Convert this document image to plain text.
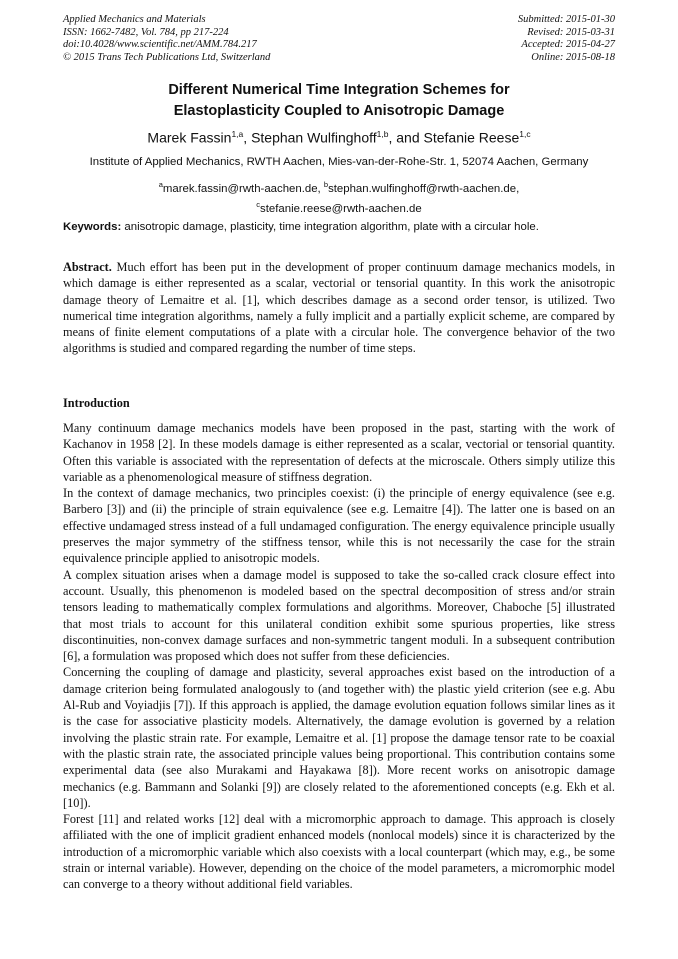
Applied Mechanics and Materials
ISSN: 1662-7482, Vol. 784, pp 217-224
doi:10.4028/www.scientific.net/AMM.784.217
© 2015 Trans Tech Publications Ltd, Switzerland
Submitted: 2015-01-30
Revised: 2015-03-31
Accepted: 2015-04-27
Online: 2015-08-18
Different Numerical Time Integration Schemes for
Elastoplasticity Coupled to Anisotropic Damage
Marek Fassin$^{1,a}$, Stephan Wulfinghoff$^{1,b}$, and Stefanie Reese$^{1,c}$
Institute of Applied Mechanics, RWTH Aachen, Mies-van-der-Rohe-Str. 1, 52074 Aachen, Germany
$^a$marek.fassin@rwth-aachen.de, $^b$stephan.wulfinghoff@rwth-aachen.de,
$^c$stefanie.reese@rwth-aachen.de
Keywords: anisotropic damage, plasticity, time integration algorithm, plate with a circular hole.
Abstract. Much effort has been put in the development of proper continuum damage mechanics models, in which damage is either represented as a scalar, vectorial or tensorial quantity. In this work the anisotropic damage theory of Lemaitre et al. [1], which describes damage as a second order tensor, is utilized. Two numerical time integration algorithms, namely a fully implicit and a partially explicit scheme, are compared by means of finite element computations of a plate with a circular hole. The convergence behavior of the two algorithms is studied and compared regarding the number of time steps.
Introduction

Many continuum damage mechanics models have been proposed in the past, starting with the work of Kachanov in 1958 [2]. In these models damage is either represented as a scalar, vectorial or tensorial quantity. Often this variable is associated with the representation of defects at the microscale. Others simply utilize this variable as a phenomenological measure of stiffness degration.

In the context of damage mechanics, two principles coexist: (i) the principle of energy equivalence (see e.g. Barbero [3]) and (ii) the principle of strain equivalence (see e.g. Lemaitre [4]). The latter one is based on an effective undamaged stress instead of a full undamaged configuration. The energy equivalence principle usually preserves the major symmetry of the stiffness tensor, while this is not necessarily the case for the strain equivalence principle applied to anisotropic models.

A complex situation arises when a damage model is supposed to take the so-called crack closure effect into account. Usually, this phenomenon is modeled based on the spectral decomposition of stress and/or strain tensors leading to mathematically complex formulations and algorithms. Moreover, Chaboche [5] illustrated that most trials to account for this unilateral condition exhibit some spurious properties, like stress discontinuities, non-convex damage surfaces and non-symmetric tangent moduli. In a subsequent contribution [6], a formulation was proposed which does not suffer from these deficiencies.

Concerning the coupling of damage and plasticity, several approaches exist based on the introduction of a damage criterion being formulated analogously to (and together with) the plastic yield criterion (see e.g. Abu Al-Rub and Voyiadjis [7]). If this approach is applied, the damage evolution equation follows similar lines as it is the case for associative plasticity models. Alternatively, the damage evolution is governed by a relation involving the plastic strain rate. For example, Lemaitre et al. [1] propose the damage tensor rate to be coaxial with the plastic strain rate, the associated principle values being proportional. This contribution contains some experimental data (see also Murakami and Hayakawa [8]). More recent works on anisotropic damage mechanics (e.g. Bammann and Solanki [9]) are closely related to the aforementioned concepts (e.g. Ekh et al. [10]).

Forest [11] and related works [12] deal with a micromorphic approach to damage. This approach is closely affiliated with the one of implicit gradient enhanced models (nonlocal models) since it is characterized by the introduction of a micromorphic variable which also coexists with a local counterpart (which may, e.g., be some strain or internal variable). However, depending on the choice of the model parameters, a micromorphic model can converge to a theory without additional field variables.
